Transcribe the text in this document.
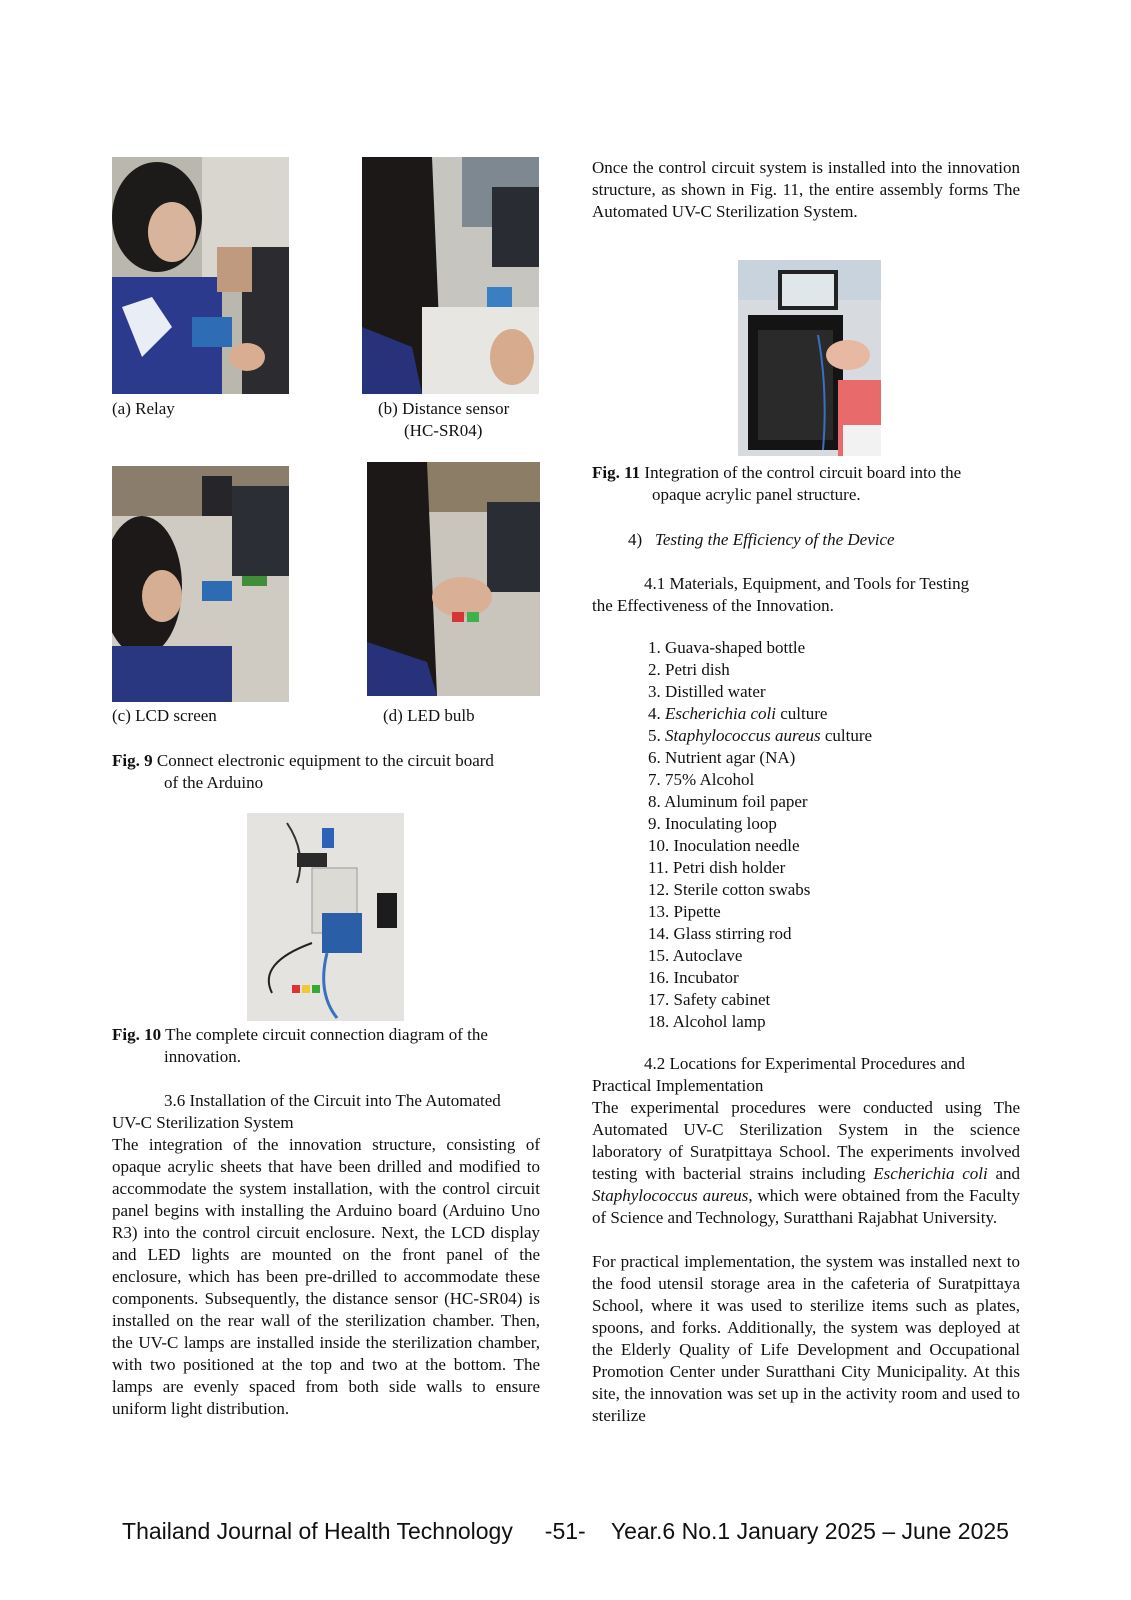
(a) Relay	(b) Distance sensor
(HC-SR04)
(c) LCD screen	(d) LED bulb
Fig. 9 Connect electronic equipment to the circuit board
of the Arduino
Fig. 10 The complete circuit connection diagram of the
innovation.

3.6 Installation of the Circuit into The Automated

UV-C Sterilization System

The integration of the innovation structure, consisting of opaque acrylic sheets that have been drilled and modified to accommodate the system installation, with the control circuit panel begins with installing the Arduino board (Arduino Uno R3) into the control circuit enclosure. Next, the LCD display and LED lights are mounted on the front panel of the enclosure, which has been pre-drilled to accommodate these components. Subsequently, the distance sensor (HC-SR04) is installed on the rear wall of the sterilization chamber. Then, the UV-C lamps are installed inside the sterilization chamber, with two positioned at the top and two at the bottom. The lamps are evenly spaced from both side walls to ensure uniform light distribution.

Once the control circuit system is installed into the innovation structure, as shown in Fig. 11, the entire assembly forms The Automated UV-C Sterilization System.
Fig. 11 Integration of the control circuit board into the
opaque acrylic panel structure.
4) Testing the Efficiency of the Device

4.1 Materials, Equipment, and Tools for Testing

the Effectiveness of the Innovation.

1. Guava-shaped bottle
2. Petri dish
3. Distilled water
4. Escherichia coli culture
5. Staphylococcus aureus culture
6. Nutrient agar (NA)
7. 75% Alcohol
8. Aluminum foil paper
9. Inoculating loop
10. Inoculation needle
11. Petri dish holder
12. Sterile cotton swabs
13. Pipette
14. Glass stirring rod
15. Autoclave
16. Incubator
17. Safety cabinet
18. Alcohol lamp

4.2 Locations for Experimental Procedures and

Practical Implementation

The experimental procedures were conducted using The Automated UV-C Sterilization System in the science laboratory of Suratpittaya School. The experiments involved testing with bacterial strains including Escherichia coli and Staphylococcus aureus, which were obtained from the Faculty of Science and Technology, Suratthani Rajabhat University.

For practical implementation, the system was installed next to the food utensil storage area in the cafeteria of Suratpittaya School, where it was used to sterilize items such as plates, spoons, and forks. Additionally, the system was deployed at the Elderly Quality of Life Development and Occupational Promotion Center under Suratthani City Municipality. At this site, the innovation was set up in the activity room and used to sterilize

Thailand Journal of Health Technology     -51-    Year.6 No.1 January 2025 – June 2025
